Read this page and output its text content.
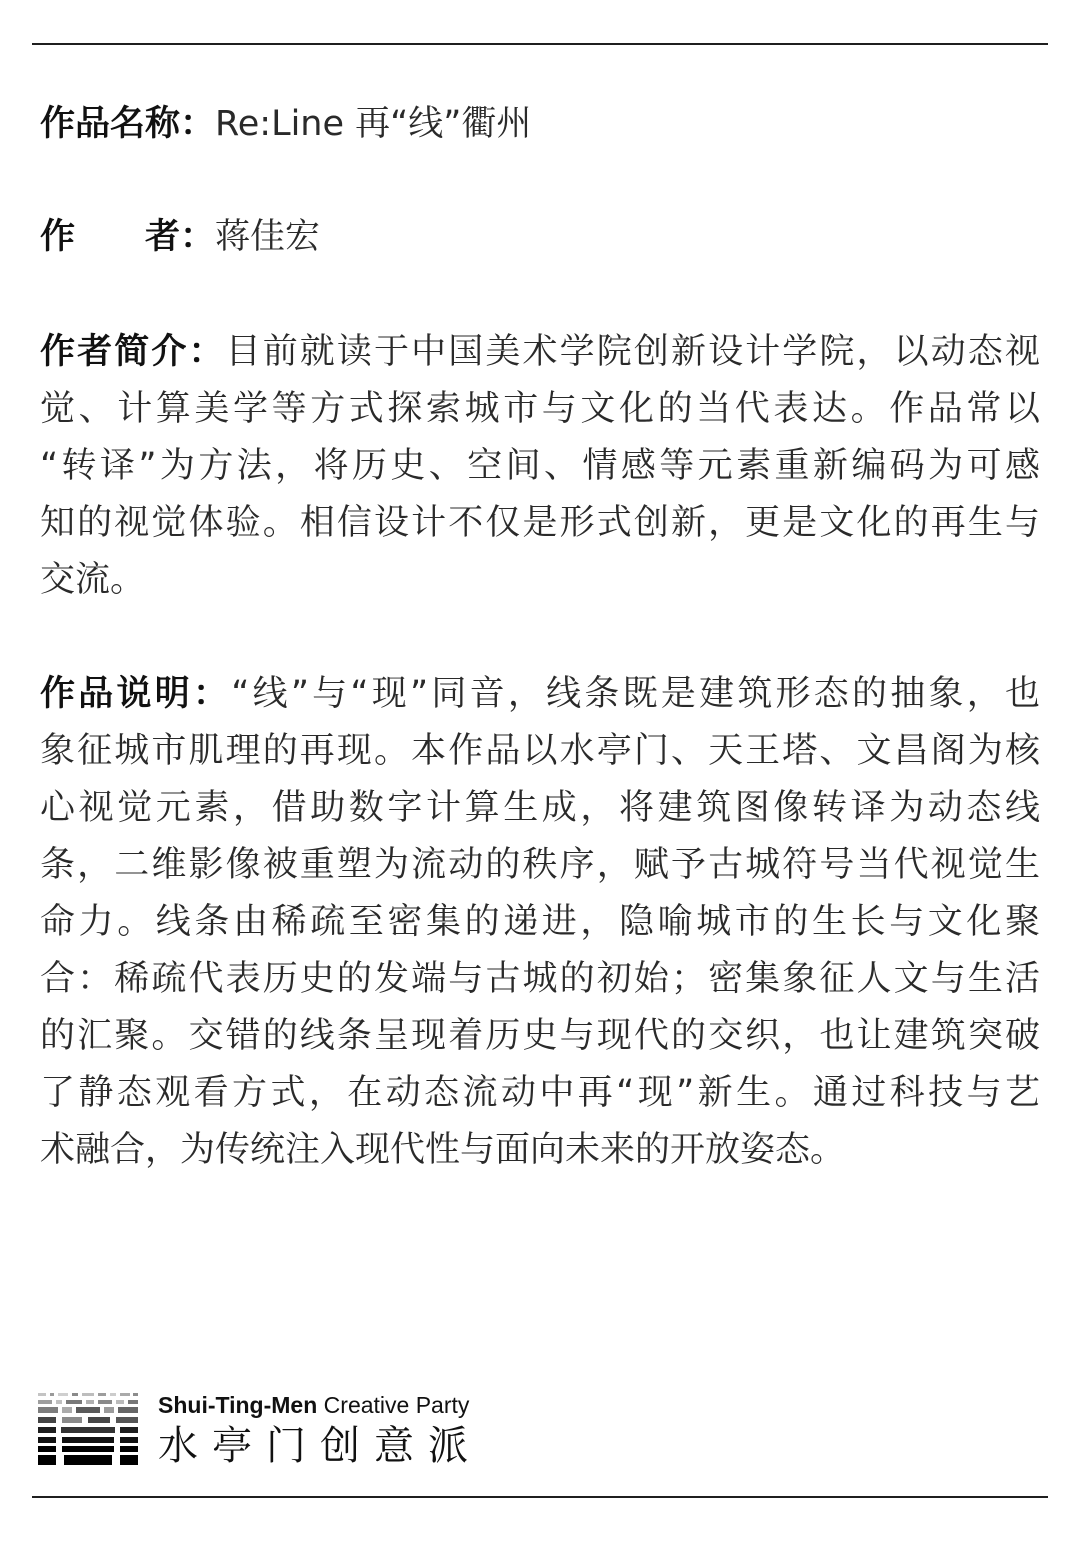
作品名称：Re:Line 再“线”衢州
作　　者：蒋佳宏
作者简介：目前就读于中国美术学院创新设计学院，以动态视
觉、计算美学等方式探索城市与文化的当代表达。作品常以
“转译”为方法，将历史、空间、情感等元素重新编码为可感
知的视觉体验。相信设计不仅是形式创新，更是文化的再生与
交流。
作品说明：“线”与“现”同音，线条既是建筑形态的抽象，也
象征城市肌理的再现。本作品以水亭门、天王塔、文昌阁为核
心视觉元素，借助数字计算生成，将建筑图像转译为动态线
条，二维影像被重塑为流动的秩序，赋予古城符号当代视觉生
命力。线条由稀疏至密集的递进，隐喻城市的生长与文化聚
合：稀疏代表历史的发端与古城的初始；密集象征人文与生活
的汇聚。交错的线条呈现着历史与现代的交织，也让建筑突破
了静态观看方式，在动态流动中再“现”新生。通过科技与艺
术融合，为传统注入现代性与面向未来的开放姿态。
Shui-Ting-Men Creative Party
水亭门创意派
